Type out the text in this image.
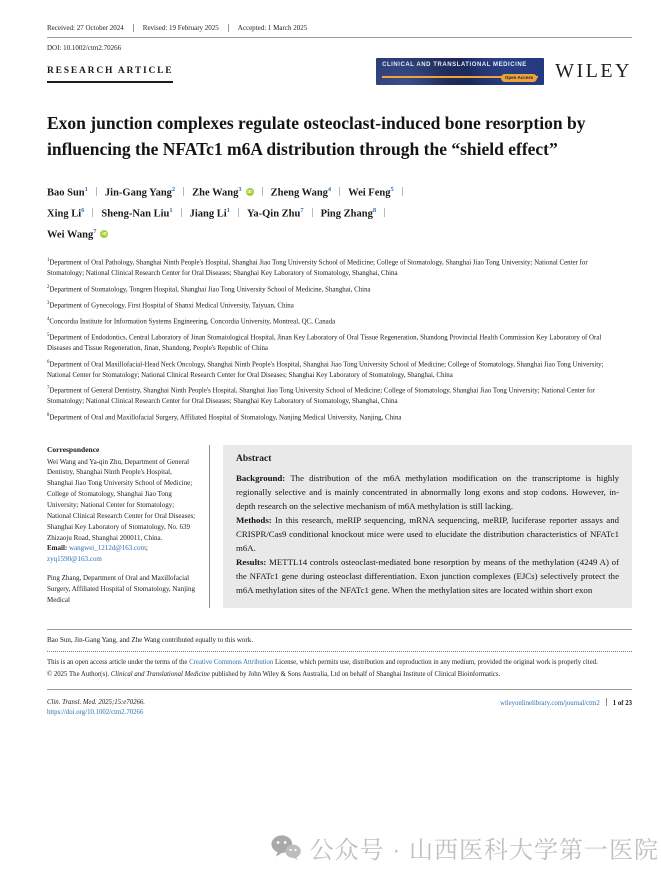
Received: 27 October 2024	Revised: 19 February 2025	Accepted: 1 March 2025
DOI: 10.1002/ctm2.70266
RESEARCH ARTICLE
CLINICAL AND TRANSLATIONAL MEDICINE
Open Access WILEY
Exon junction complexes regulate osteoclast-induced bone resorption by influencing the NFATc1 m6A distribution through the “shield effect”
Bao Sun$^1$ Jin-Gang Yang$^2$ Zhe Wang$^3$ iD	Zheng Wang$^4$ Wei Feng$^5$
Xing Li$^6$ Sheng-Nan Liu$^1$ Jiang Li$^1$ Ya-Qin Zhu$^7$ Ping Zhang$^8$
Wei Wang$^7$
iD

$^1$Department of Oral Pathology, Shanghai Ninth People's Hospital, Shanghai Jiao Tong University School of Medicine; College of Stomatology, Shanghai Jiao Tong University; National Center for Stomatology; National Clinical Research Center for Oral Diseases; Shanghai Key Laboratory of Stomatology, Shanghai, China

$^2$Department of Stomatology, Tongren Hospital, Shanghai Jiao Tong University School of Medicine, Shanghai, China

$^3$Department of Gynecology, First Hospital of Shanxi Medical University, Taiyuan, China

$^4$Concordia Institute for Information Systems Engineering, Concordia University, Montreal, QC, Canada

$^5$Department of Endodontics, Central Laboratory of Jinan Stomatological Hospital, Jinan Key Laboratory of Oral Tissue Regeneration, Shandong Provincial Health Commission Key Laboratory of Oral Diseases and Tissue Regeneration, Jinan, Shandong, People's Republic of China

$^6$Department of Oral Maxillofacial-Head Neck Oncology, Shanghai Ninth People's Hospital, Shanghai Jiao Tong University School of Medicine; College of Stomatology, Shanghai Jiao Tong University; National Center for Stomatology; National Clinical Research Center for Oral Diseases; Shanghai Key Laboratory of Stomatology, Shanghai, China

$^7$Department of General Dentistry, Shanghai Ninth People's Hospital, Shanghai Jiao Tong University School of Medicine; College of Stomatology, Shanghai Jiao Tong University; National Center for Stomatology; National Clinical Research Center for Oral Diseases; Shanghai Key Laboratory of Stomatology, Shanghai, China

$^8$Department of Oral and Maxillofacial Surgery, Affiliated Hospital of Stomatology, Nanjing Medical University, Nanjing, China

Correspondence
Wei Wang and Ya-qin Zhu, Department of General Dentistry, Shanghai Ninth People's Hospital, Shanghai Jiao Tong University School of Medicine; College of Stomatology, Shanghai Jiao Tong University; National Center for Stomatology; National Clinical Research Center for Oral Diseases; Shanghai Key Laboratory of Stomatology, No. 639 Zhizaoju Road, Shanghai 200011, China.
Email: wangwei_1212d@163.com; zyq1590@163.com
Ping Zhang, Department of Oral and Maxillofacial Surgery, Affiliated Hospital of Stomatology, Nanjing Medical
Abstract

Background: The distribution of the m6A methylation modification on the transcriptome is highly regionally selective and is mainly concentrated in abnormally long exons and stop codons. However, in-depth research on the selective mechanism of m6A methylation is still lacking.

Methods: In this research, meRIP sequencing, mRNA sequencing, meRIP, luciferase reporter assays and CRISPR/Cas9 conditional knockout mice were used to elucidate the distribution characteristics of NFATc1 m6A.

Results: METTL14 controls osteoclast-mediated bone resorption by means of the methylation (4249 A) of the NFATc1 gene during osteoclast differentiation. Exon junction complexes (EJCs) selectively protect the m6A methylation sites of the NFATc1 gene. When the methylation sites are located within short exon

Bao Sun, Jin-Gang Yang, and Zhe Wang contributed equally to this work.
This is an open access article under the terms of the Creative Commons Attribution License, which permits use, distribution and reproduction in any medium, provided the original work is properly cited.
© 2025 The Author(s). Clinical and Translational Medicine published by John Wiley & Sons Australia, Ltd on behalf of Shanghai Institute of Clinical Bioinformatics.
Clin. Transl. Med. 2025;15:e70266.
https://doi.org/10.1002/ctm2.70266
wileyonlinelibrary.com/journal/ctm2 1 of 23
公众号 · 山西医科大学第一医院
